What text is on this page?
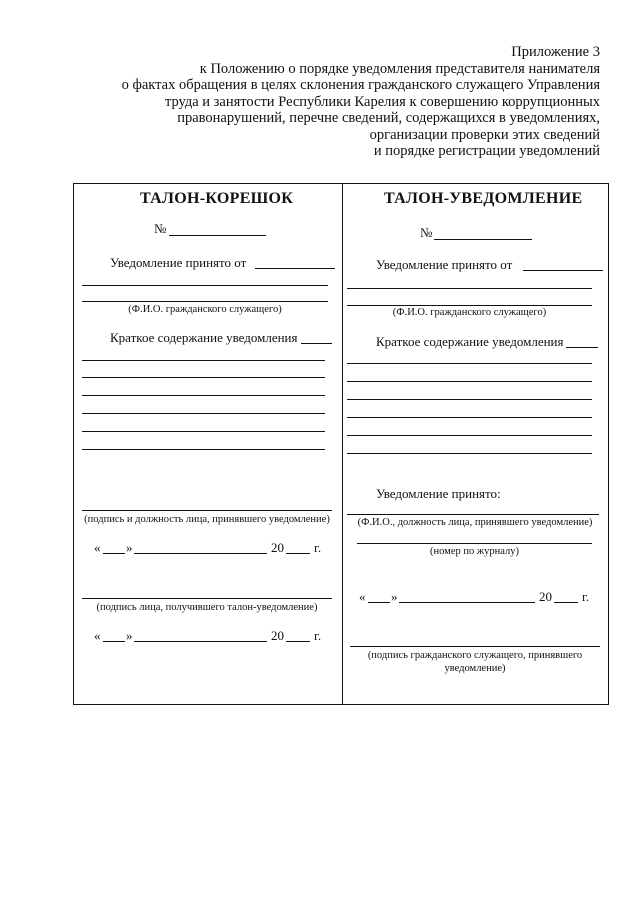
Приложение 3
к Положению о порядке уведомления представителя нанимателя
о фактах обращения в целях склонения гражданского служащего Управления
труда и занятости Республики Карелия к совершению коррупционных
правонарушений, перечне сведений, содержащихся в уведомлениях,
организации проверки этих сведений
и порядке регистрации уведомлений
ТАЛОН-КОРЕШОК
№
Уведомление принято от
(Ф.И.О. гражданского служащего)
Краткое содержание уведомления
(подпись и должность лица, принявшего уведомление)
« »	20 г.
(подпись лица, получившего талон-уведомление)
« »	20 г.
ТАЛОН-УВЕДОМЛЕНИЕ
№
Уведомление принято от
(Ф.И.О. гражданского служащего)
Краткое содержание уведомления
Уведомление принято:
(Ф.И.О., должность лица, принявшего уведомление)
(номер по журналу)
« »	20 г.
(подпись гражданского служащего, принявшего
уведомление)
